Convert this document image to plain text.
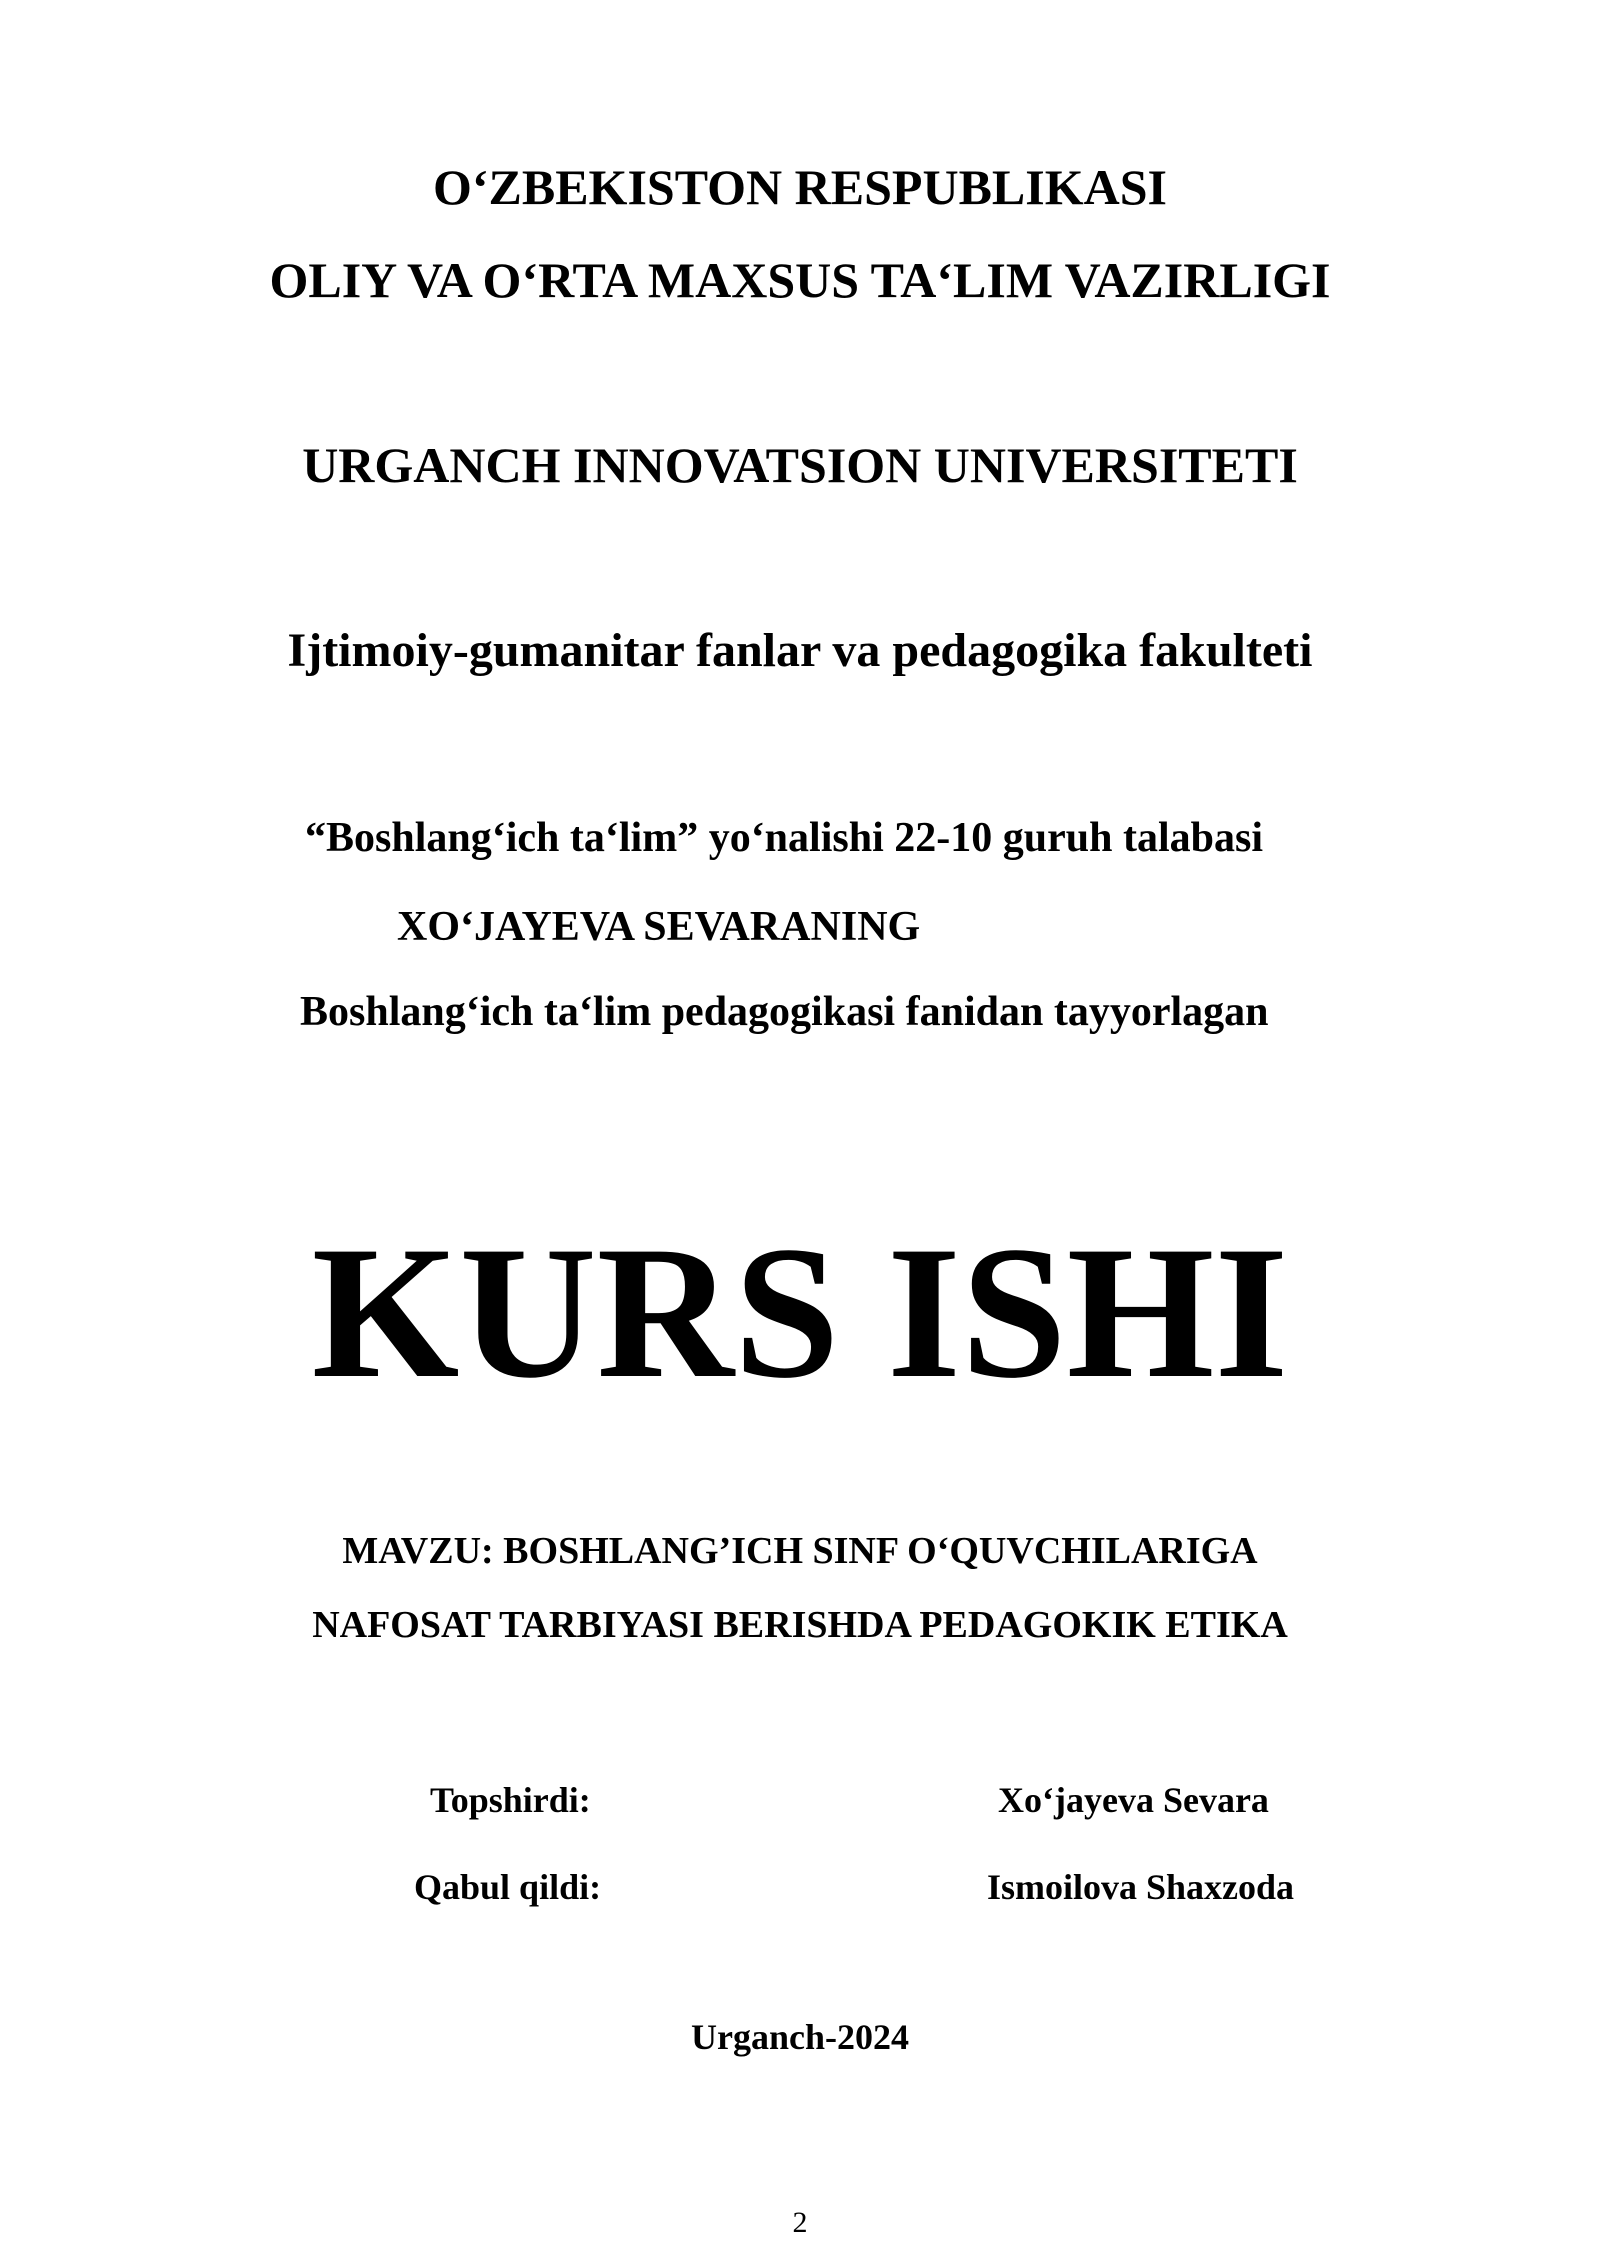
O‘ZBEKISTON RESPUBLIKASI
OLIY VA O‘RTA MAXSUS TA‘LIM VAZIRLIGI
URGANCH INNOVATSION UNIVERSITETI
Ijtimoiy-gumanitar fanlar va pedagogika fakulteti
“Boshlang‘ich ta‘lim” yo‘nalishi 22-10 guruh talabasi
XO‘JAYEVA SEVARANING
Boshlang‘ich ta‘lim pedagogikasi fanidan tayyorlagan
KURS ISHI
MAVZU: BOSHLANG’ICH SINF O‘QUVCHILARIGA
NAFOSAT TARBIYASI BERISHDA PEDAGOKIK ETIKA
Topshirdi:	Xo‘jayeva Sevara
Qabul qildi:	Ismoilova Shaxzoda
Urganch-2024
2
